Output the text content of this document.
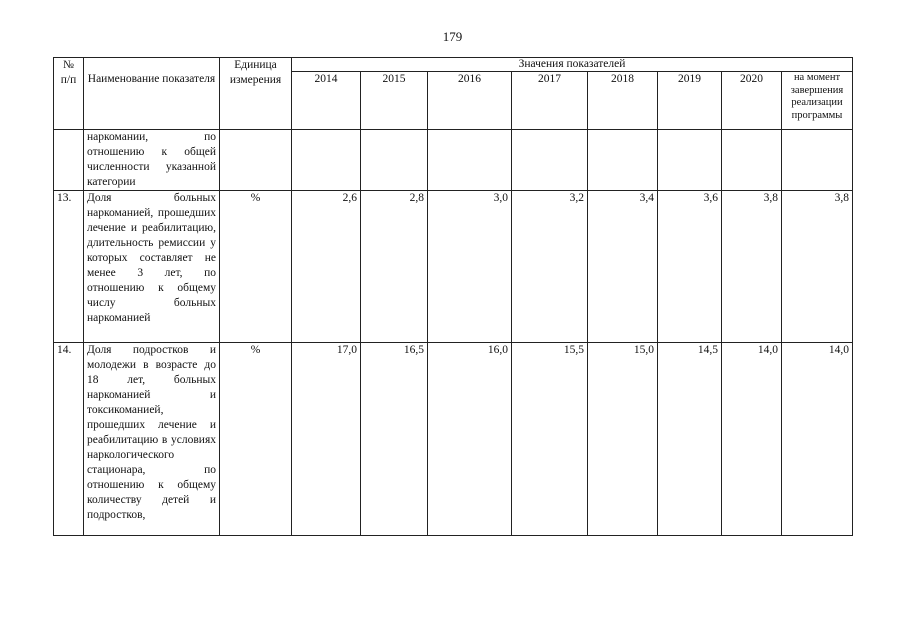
179
№
п/п	Наименование показателя	Единица измерения	Значения показателей							
			2014	2015	2016	2017	2018	2019	2020	на момент завершения реализации программы
	наркомании, по отношению к общей численности указанной категории									
13.	Доля больных наркоманией, прошедших лечение и реабилитацию, длительность ремиссии у которых составляет не менее 3 лет, по отношению к общему числу больных наркоманией	%	2,6	2,8	3,0	3,2	3,4	3,6	3,8	3,8
14.	Доля подростков и молодежи в возрасте до 18 лет, больных наркоманией и токсикоманией, прошедших лечение и реабилитацию в условиях наркологического стационара, по отношению к общему количеству детей и подростков,	%	17,0	16,5	16,0	15,5	15,0	14,5	14,0	14,0
